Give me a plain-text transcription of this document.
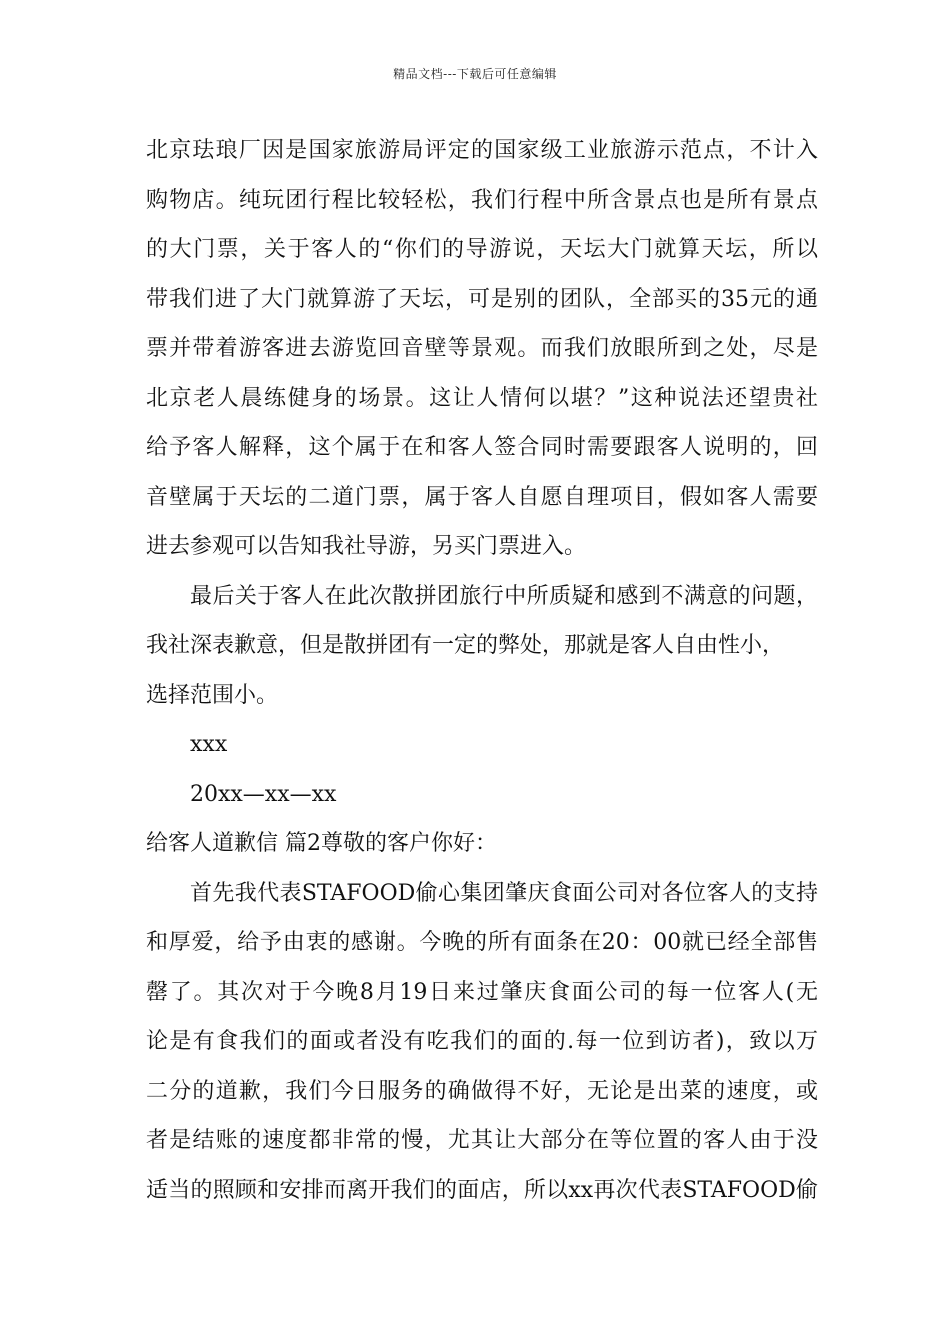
精品文档---下载后可任意编辑
北京珐琅厂因是国家旅游局评定的国家级工业旅游示范点，不计入
购物店。纯玩团行程比较轻松，我们行程中所含景点也是所有景点
的大门票，关于客人的“你们的导游说，天坛大门就算天坛，所以
带我们进了大门就算游了天坛，可是别的团队，全部买的35元的通
票并带着游客进去游览回音壁等景观。而我们放眼所到之处，尽是
北京老人晨练健身的场景。这让人情何以堪？”这种说法还望贵社
给予客人解释，这个属于在和客人签合同时需要跟客人说明的，回
音壁属于天坛的二道门票，属于客人自愿自理项目，假如客人需要
进去参观可以告知我社导游，另买门票进入。
最后关于客人在此次散拼团旅行中所质疑和感到不满意的问题，
我社深表歉意，但是散拼团有一定的弊处，那就是客人自由性小，
选择范围小。
xxx
20xx—xx—xx
给客人道歉信 篇2尊敬的客户你好：
首先我代表STAFOOD偷心集团肇庆食面公司对各位客人的支持
和厚爱，给予由衷的感谢。今晚的所有面条在20：00就已经全部售
罄了。其次对于今晚8月19日来过肇庆食面公司的每一位客人(无
论是有食我们的面或者没有吃我们的面的.每一位到访者)，致以万
二分的道歉，我们今日服务的确做得不好，无论是出菜的速度，或
者是结账的速度都非常的慢，尤其让大部分在等位置的客人由于没
适当的照顾和安排而离开我们的面店，所以xx再次代表STAFOOD偷
